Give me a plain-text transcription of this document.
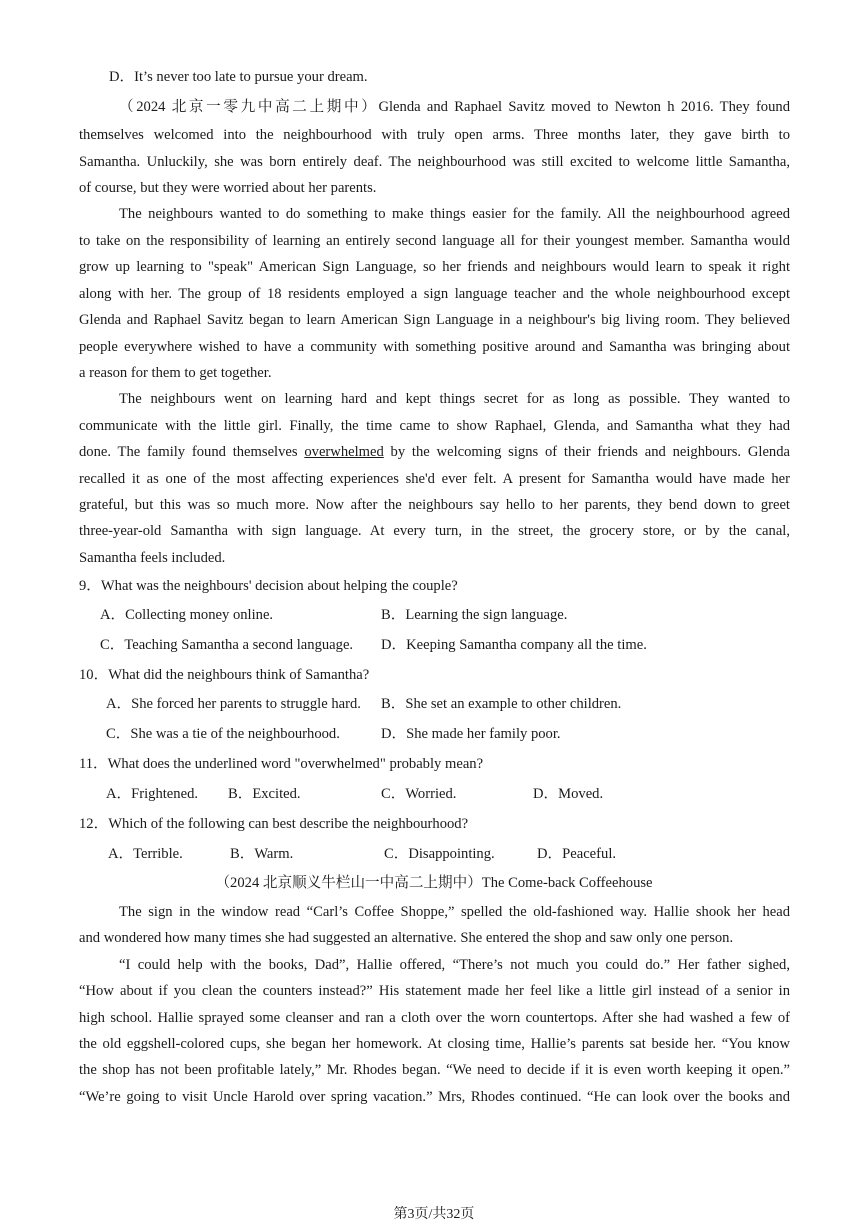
D．It’s never too late to pursue your dream.
（2024 北京一零九中高二上期中）Glenda and Raphael Savitz moved to Newton h 2016. They found
themselves welcomed into the neighbourhood with truly open arms. Three months later, they gave birth to
Samantha. Unluckily, she was born entirely deaf. The neighbourhood was still excited to welcome little Samantha,
of course, but they were worried about her parents.
The neighbours wanted to do something to make things easier for the family. All the neighbourhood agreed
to take on the responsibility of learning an entirely second language all for their youngest member. Samantha would
grow up learning to "speak" American Sign Language, so her friends and neighbours would learn to speak it right
along with her. The group of 18 residents employed a sign language teacher and the whole neighbourhood except
Glenda and Raphael Savitz began to learn American Sign Language in a neighbour's big living room. They believed
people everywhere wished to have a community with something positive around and Samantha was bringing about
a reason for them to get together.
The neighbours went on learning hard and kept things secret for as long as possible. They wanted to
communicate with the little girl. Finally, the time came to show Raphael, Glenda, and Samantha what they had
done. The family found themselves overwhelmed by the welcoming signs of their friends and neighbours. Glenda
recalled it as one of the most affecting experiences she'd ever felt. A present for Samantha would have made her
grateful, but this was so much more. Now after the neighbours say hello to her parents, they bend down to greet
three-year-old Samantha with sign language. At every turn, in the street, the grocery store, or by the canal,
Samantha feels included.
9．What was the neighbours' decision about helping the couple?
A．Collecting money online.	B．Learning the sign language.
C．Teaching Samantha a second language. D．Keeping Samantha company all the time.
10．What did the neighbours think of Samantha?
A．She forced her parents to struggle hard. B．She set an example to other children.
C．She was a tie of the neighbourhood.	D．She made her family poor.
11．What does the underlined word "overwhelmed" probably mean?
A．Frightened. B．Excited.	C．Worried.	D．Moved.
12．Which of the following can best describe the neighbourhood?
A．Terrible.	B．Warm.	C．Disappointing.	D．Peaceful.
（2024 北京顺义牛栏山一中高二上期中）The Come-back Coffeehouse
The sign in the window read “Carl’s Coffee Shoppe,” spelled the old-fashioned way. Hallie shook her head
and wondered how many times she had suggested an alternative. She entered the shop and saw only one person.
“I could help with the books, Dad”, Hallie offered, “There’s not much you could do.” Her father sighed,
“How about if you clean the counters instead?” His statement made her feel like a little girl instead of a senior in
high school. Hallie sprayed some cleanser and ran a cloth over the worn countertops. After she had washed a few of
the old eggshell-colored cups, she began her homework. At closing time, Hallie’s parents sat beside her. “You know
the shop has not been profitable lately,” Mr. Rhodes began. “We need to decide if it is even worth keeping it open.”
“We’re going to visit Uncle Harold over spring vacation.” Mrs, Rhodes continued. “He can look over the books and
第3页/共32页
